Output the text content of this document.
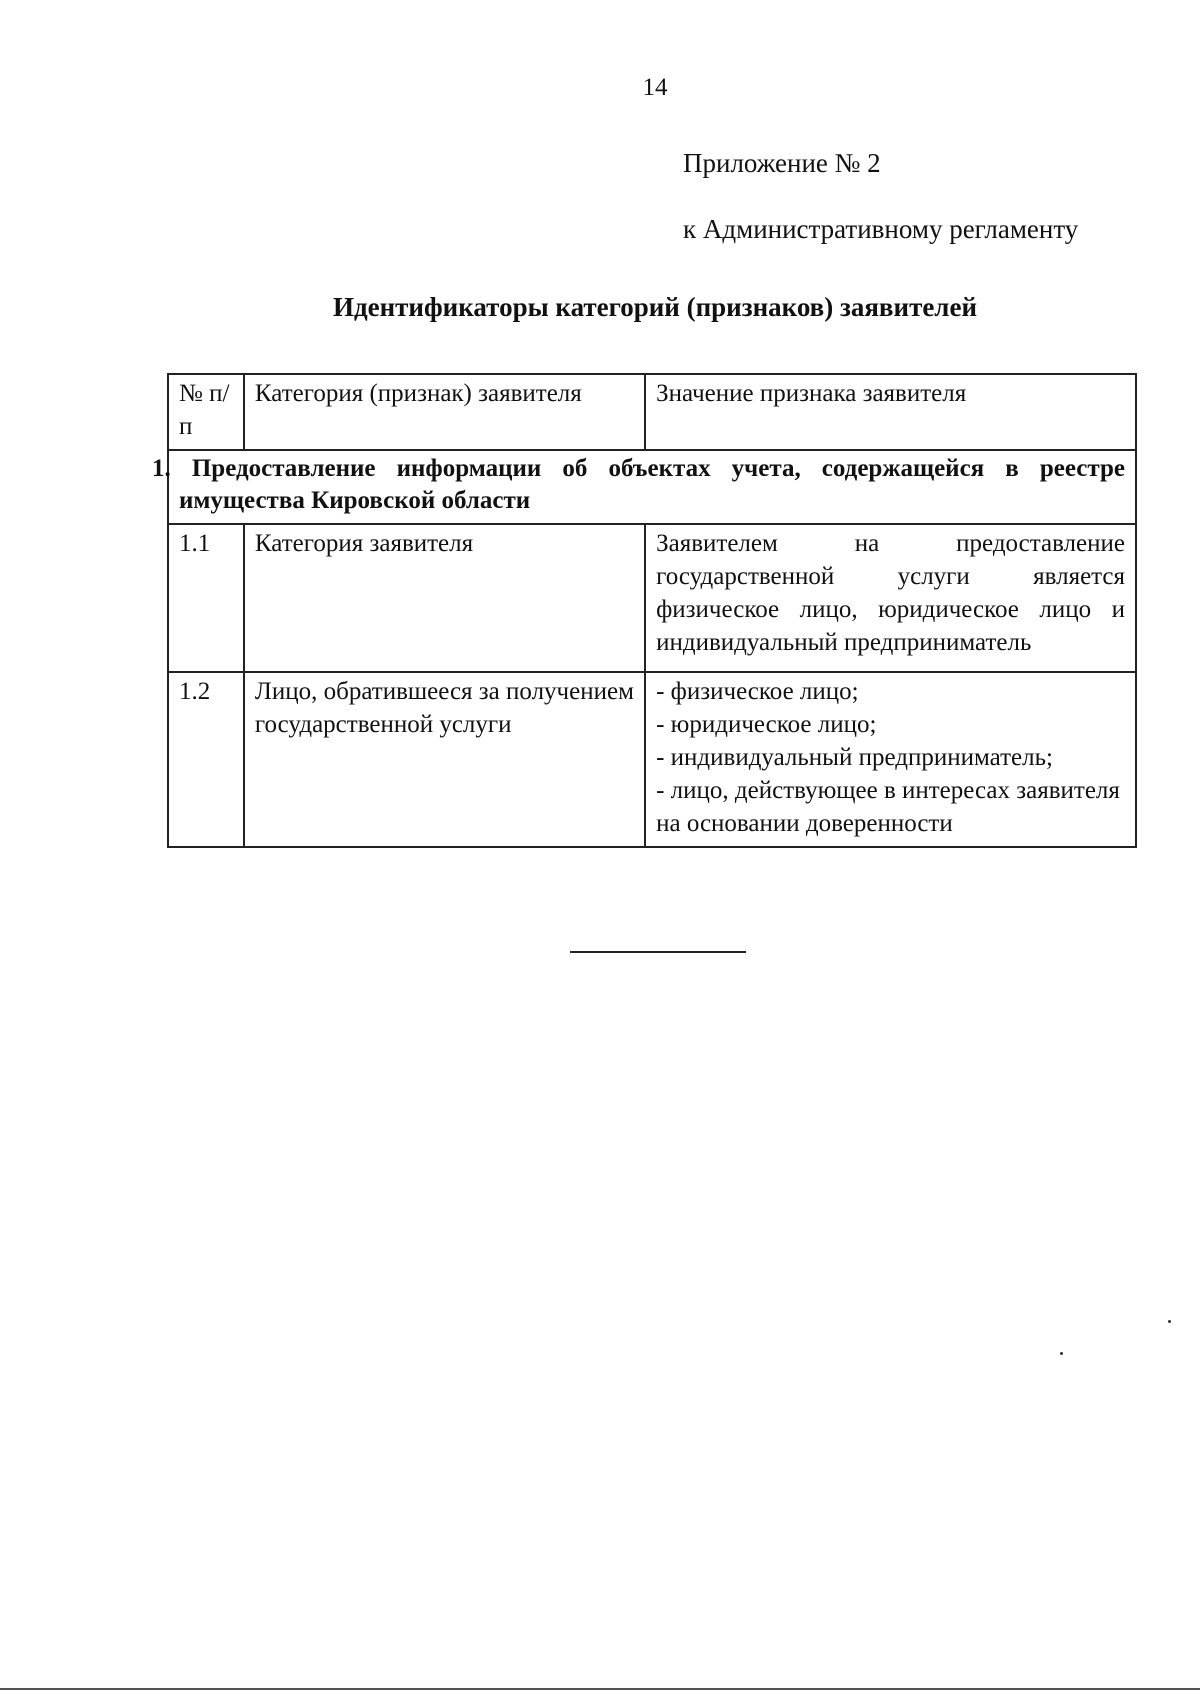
14
Приложение № 2
к Административному регламенту
Идентификаторы категорий (признаков) заявителей
№ п/п	Категория (признак) заявителя	Значение признака заявителя
1. Предоставление информации об объектах учета, содержащейся в реестре имущества Кировской области		
1.1	Категория заявителя	Заявителем на предоставление государственной услуги является физическое лицо, юридическое лицо и индивидуальный предприниматель
1.2	Лицо, обратившееся за получением государственной услуги	- физическое лицо;
- юридическое лицо;
- индивидуальный предприниматель;
- лицо, действующее в интересах заявителя на основании доверенности
